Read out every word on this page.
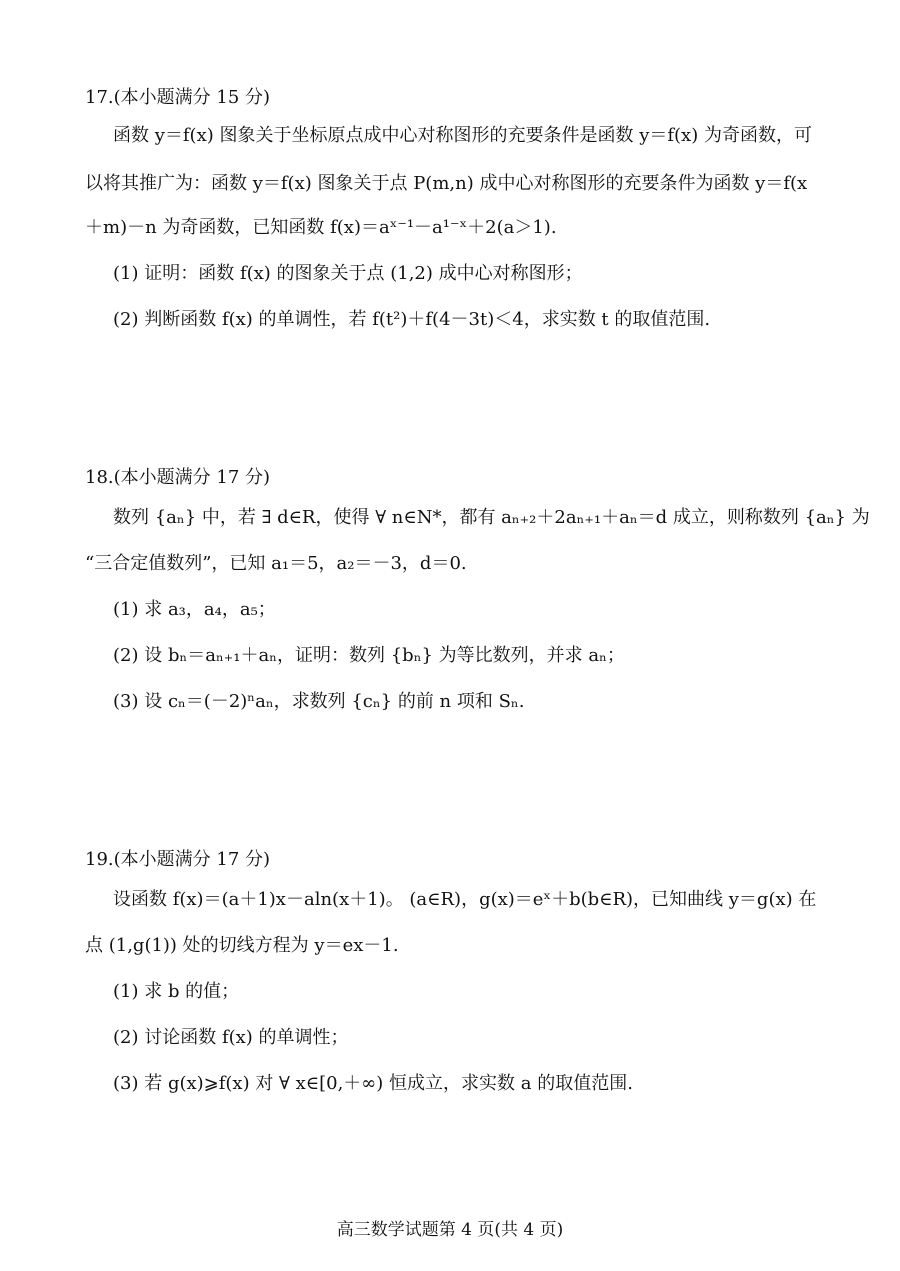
17.(本小题满分 15 分)
函数 y＝f(x) 图象关于坐标原点成中心对称图形的充要条件是函数 y＝f(x) 为奇函数，可
以将其推广为：函数 y＝f(x) 图象关于点 P(m,n) 成中心对称图形的充要条件为函数 y＝f(x
＋m)－n 为奇函数，已知函数 f(x)＝aˣ⁻¹－a¹⁻ˣ＋2(a＞1).
(1) 证明：函数 f(x) 的图象关于点 (1,2) 成中心对称图形；
(2) 判断函数 f(x) 的单调性，若 f(t²)＋f(4－3t)＜4，求实数 t 的取值范围.
18.(本小题满分 17 分)
数列 {aₙ} 中，若 ∃ d∈R，使得 ∀ n∈N*，都有 aₙ₊₂＋2aₙ₊₁＋aₙ＝d 成立，则称数列 {aₙ} 为
“三合定值数列”，已知 a₁＝5，a₂＝－3，d＝0.
(1) 求 a₃，a₄，a₅；
(2) 设 bₙ＝aₙ₊₁＋aₙ，证明：数列 {bₙ} 为等比数列，并求 aₙ；
(3) 设 cₙ＝(－2)ⁿaₙ，求数列 {cₙ} 的前 n 项和 Sₙ.
19.(本小题满分 17 分)
设函数 f(x)＝(a＋1)x－aln(x＋1)。 (a∈R)，g(x)＝eˣ＋b(b∈R)，已知曲线 y＝g(x) 在
点 (1,g(1)) 处的切线方程为 y＝ex－1.
(1) 求 b 的值；
(2) 讨论函数 f(x) 的单调性；
(3) 若 g(x)⩾f(x) 对 ∀ x∈[0,＋∞) 恒成立，求实数 a 的取值范围.
高三数学试题第 4 页(共 4 页)
